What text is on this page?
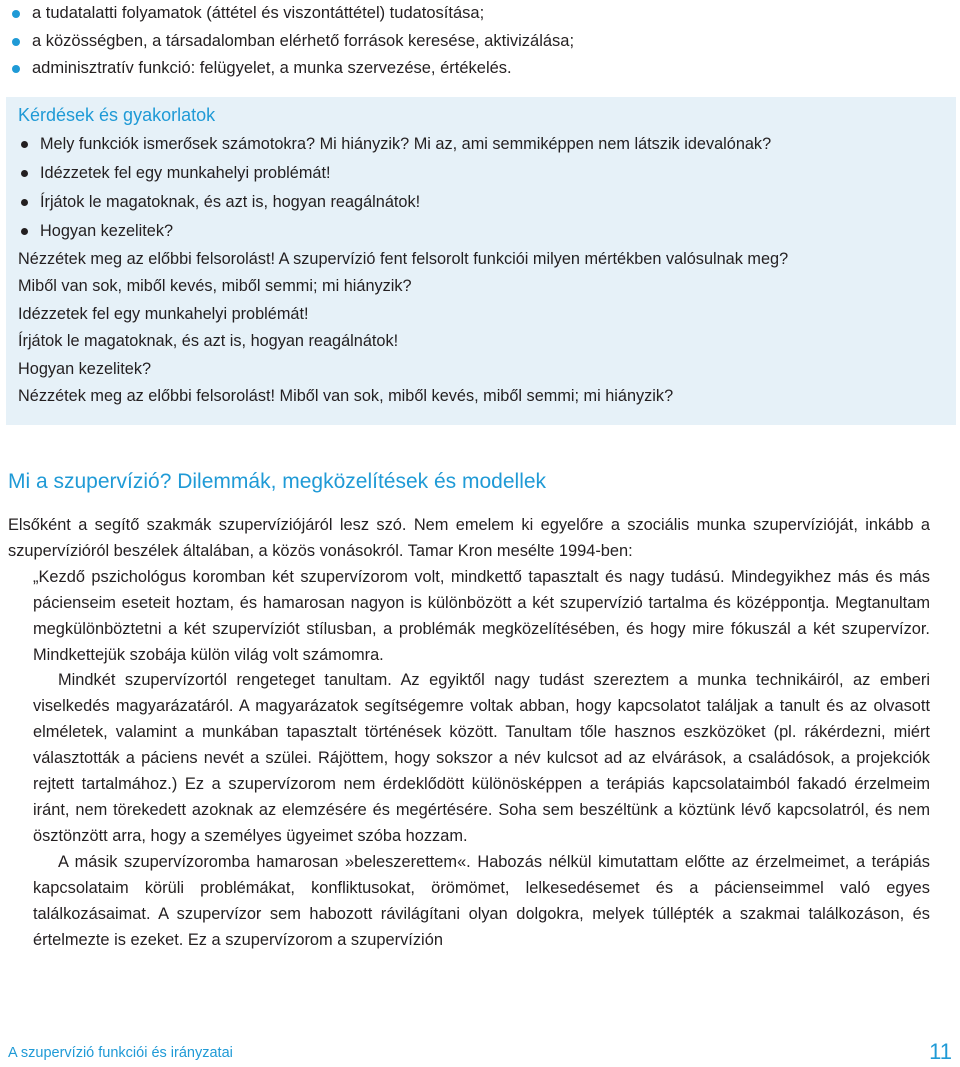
a tudatalatti folyamatok (áttétel és viszontáttétel) tudatosítása;
a közösségben, a társadalomban elérhető források keresése, aktivizálása;
adminisztratív funkció: felügyelet, a munka szervezése, értékelés.
Kérdések és gyakorlatok
Mely funkciók ismerősek számotokra? Mi hiányzik? Mi az, ami semmiképpen nem látszik idevalónak?
Idézzetek fel egy munkahelyi problémát!
Írjátok le magatoknak, és azt is, hogyan reagálnátok!
Hogyan kezelitek?

Nézzétek meg az előbbi felsorolást! A szupervízió fent felsorolt funkciói milyen mértékben valósulnak meg?

Miből van sok, miből kevés, miből semmi; mi hiányzik?

Idézzetek fel egy munkahelyi problémát!

Írjátok le magatoknak, és azt is, hogyan reagálnátok!

Hogyan kezelitek?

Nézzétek meg az előbbi felsorolást! Miből van sok, miből kevés, miből semmi; mi hiányzik?

Mi a szupervízió? Dilemmák, megközelítések és modellek

Elsőként a segítő szakmák szupervíziójáról lesz szó. Nem emelem ki egyelőre a szociális munka szupervízióját, inkább a szupervízióról beszélek általában, a közös vonásokról. Tamar Kron mesélte 1994-ben:

„Kezdő pszichológus koromban két szupervízorom volt, mindkettő tapasztalt és nagy tudású. Mindegyikhez más és más pácienseim eseteit hoztam, és hamarosan nagyon is különbözött a két szupervízió tartalma és középpontja. Megtanultam megkülönböztetni a két szupervíziót stílusban, a problémák megközelítésében, és hogy mire fókuszál a két szupervízor. Mindkettejük szobája külön világ volt számomra.

Mindkét szupervízortól rengeteget tanultam. Az egyiktől nagy tudást szereztem a munka technikáiról, az emberi viselkedés magyarázatáról. A magyarázatok segítségemre voltak abban, hogy kapcsolatot találjak a tanult és az olvasott elméletek, valamint a munkában tapasztalt történések között. Tanultam tőle hasznos eszközöket (pl. rákérdezni, miért választották a páciens nevét a szülei. Rájöttem, hogy sokszor a név kulcsot ad az elvárások, a családósok, a projekciók rejtett tartalmához.) Ez a szupervízorom nem érdeklődött különösképpen a terápiás kapcsolataimból fakadó érzelmeim iránt, nem törekedett azoknak az elemzésére és megértésére. Soha sem beszéltünk a köztünk lévő kapcsolatról, és nem ösztönzött arra, hogy a személyes ügyeimet szóba hozzam.

A másik szupervízoromba hamarosan »beleszerettem«. Habozás nélkül kimutattam előtte az érzelmeimet, a terápiás kapcsolataim körüli problémákat, konfliktusokat, örömömet, lelkesedésemet és a pácienseimmel való egyes találkozásaimat. A szupervízor sem habozott rávilágítani olyan dolgokra, melyek túllépték a szakmai találkozáson, és értelmezte is ezeket. Ez a szupervízorom a szupervízión

A szupervízió funkciói és irányzatai	11
